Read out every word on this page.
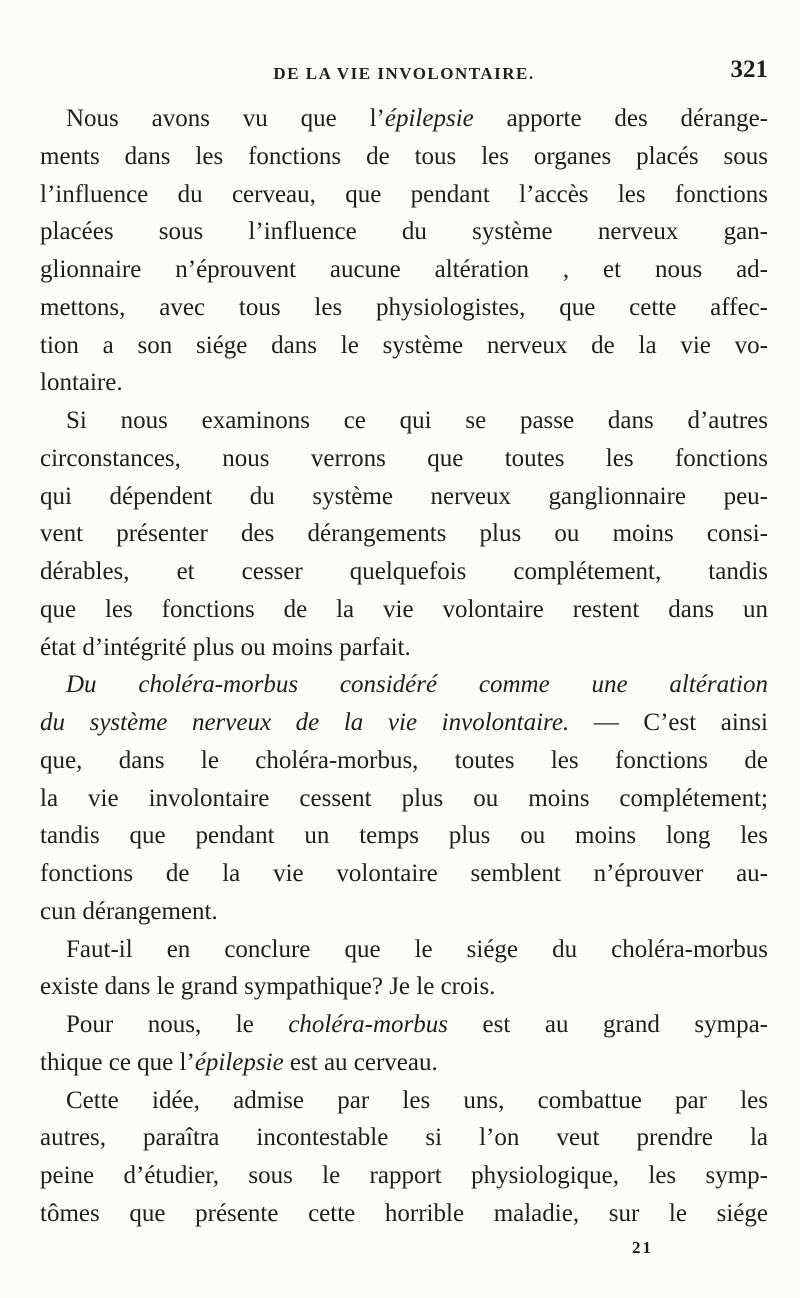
DE LA VIE INVOLONTAIRE.	321
Nous avons vu que l’épilepsie apporte des dérange-
ments dans les fonctions de tous les organes placés sous
l’influence du cerveau, que pendant l’accès les fonctions
placées sous l’influence du système nerveux gan-
glionnaire n’éprouvent aucune altération , et nous ad-
mettons, avec tous les physiologistes, que cette affec-
tion a son siége dans le système nerveux de la vie vo-
lontaire.
Si nous examinons ce qui se passe dans d’autres
circonstances, nous verrons que toutes les fonctions
qui dépendent du système nerveux ganglionnaire peu-
vent présenter des dérangements plus ou moins consi-
dérables, et cesser quelquefois complétement, tandis
que les fonctions de la vie volontaire restent dans un
état d’intégrité plus ou moins parfait.
Du choléra-morbus considéré comme une altération
du système nerveux de la vie involontaire. — C’est ainsi
que, dans le choléra-morbus, toutes les fonctions de
la vie involontaire cessent plus ou moins complétement;
tandis que pendant un temps plus ou moins long les
fonctions de la vie volontaire semblent n’éprouver au-
cun dérangement.
Faut-il en conclure que le siége du choléra-morbus
existe dans le grand sympathique? Je le crois.
Pour nous, le choléra-morbus est au grand sympa-
thique ce que l’épilepsie est au cerveau.
Cette idée, admise par les uns, combattue par les
autres, paraîtra incontestable si l’on veut prendre la
peine d’étudier, sous le rapport physiologique, les symp-
tômes que présente cette horrible maladie, sur le siége
21
